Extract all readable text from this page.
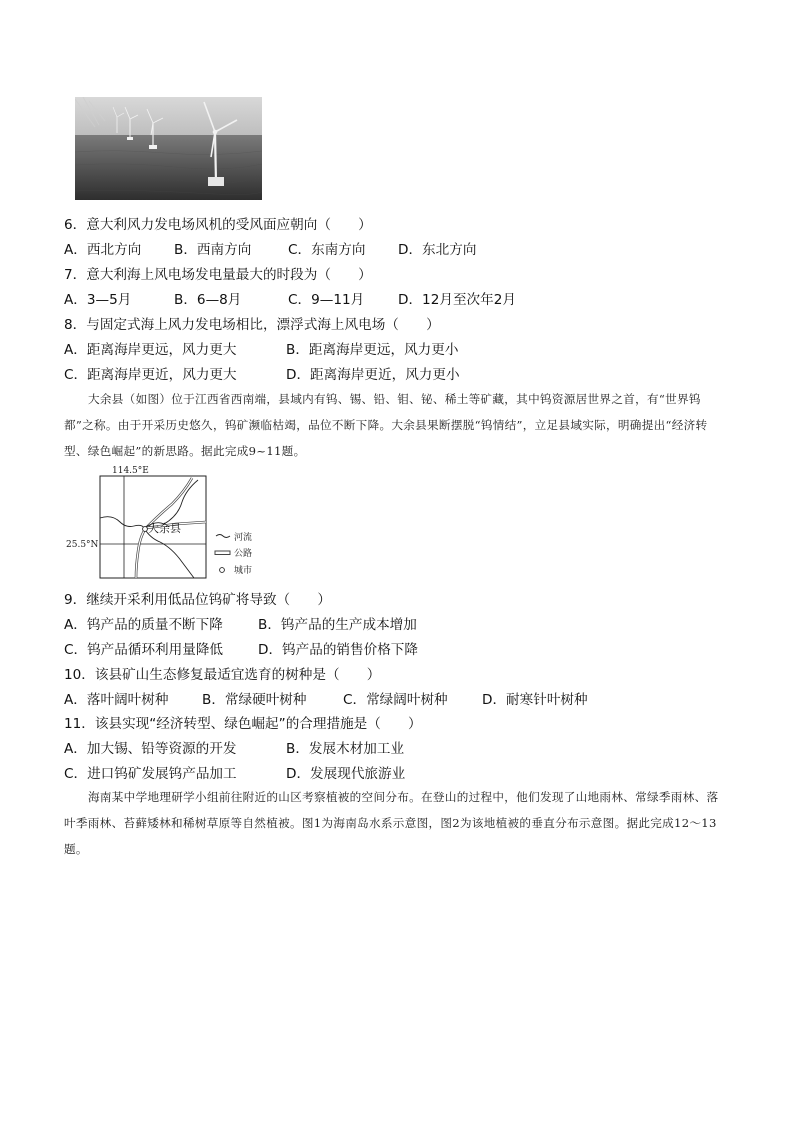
6．意大利风力发电场风机的受风面应朝向（　　）
A．西北方向 B．西南方向	C．东南方向 D．东北方向
7．意大利海上风电场发电量最大的时段为（　　）
A．3—5月	B．6—8月	C．9—11月 D．12月至次年2月
8．与固定式海上风力发电场相比，漂浮式海上风电场（　　）
A．距离海岸更远，风力更大	B．距离海岸更远，风力更小
C．距离海岸更近，风力更大	D．距离海岸更近，风力更小
大余县（如图）位于江西省西南端，县域内有钨、锡、铅、钼、铋、稀土等矿藏，其中钨资源居世界之首，有“世界钨都”之称。由于开采历史悠久，钨矿濒临枯竭，品位不断下降。大余县果断摆脱“钨情结”，立足县域实际，明确提出“经济转型、绿色崛起”的新思路。据此完成9~11题。
114.5°E
25.5°N
大余县
河流
公路
城市
9．继续开采利用低品位钨矿将导致（　　）
A．钨产品的质量不断下降	B．钨产品的生产成本增加
C．钨产品循环利用量降低	D．钨产品的销售价格下降
10．该县矿山生态修复最适宜选育的树种是（　　）
A．落叶阔叶树种 B．常绿硬叶树种	C．常绿阔叶树种	D．耐寒针叶树种
11．该县实现“经济转型、绿色崛起”的合理措施是（　　）
A．加大锡、铅等资源的开发	B．发展木材加工业
C．进口钨矿发展钨产品加工	D．发展现代旅游业
海南某中学地理研学小组前往附近的山区考察植被的空间分布。在登山的过程中，他们发现了山地雨林、常绿季雨林、落叶季雨林、苔藓矮林和稀树草原等自然植被。图1为海南岛水系示意图，图2为该地植被的垂直分布示意图。据此完成12～13题。
